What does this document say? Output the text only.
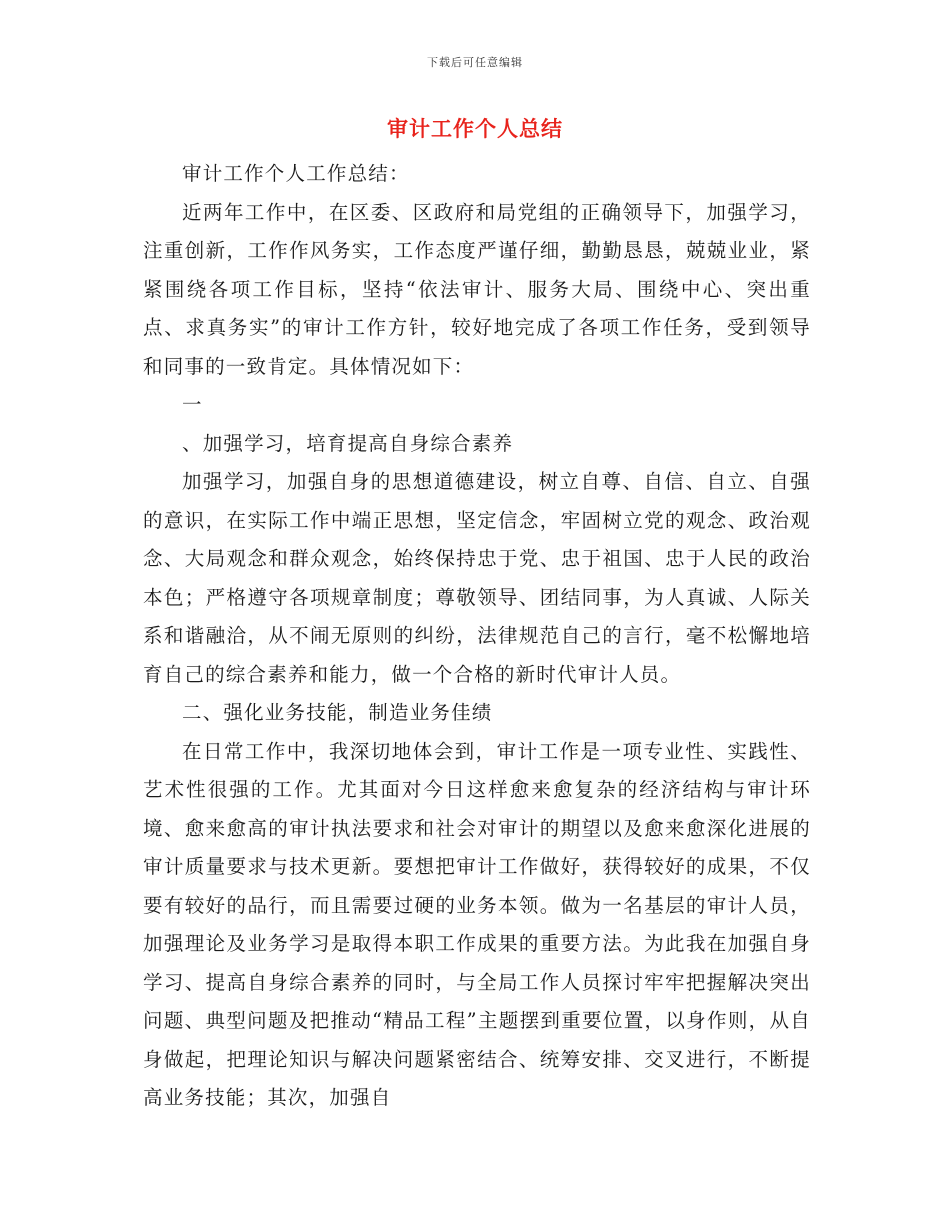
下载后可任意编辑
审计工作个人总结

审计工作个人工作总结：

近两年工作中，在区委、区政府和局党组的正确领导下，加强学习，注重创新，工作作风务实，工作态度严谨仔细，勤勤恳恳，兢兢业业，紧紧围绕各项工作目标，坚持“依法审计、服务大局、围绕中心、突出重点、求真务实”的审计工作方针，较好地完成了各项工作任务，受到领导和同事的一致肯定。具体情况如下：

一

、加强学习，培育提高自身综合素养

加强学习，加强自身的思想道德建设，树立自尊、自信、自立、自强的意识，在实际工作中端正思想，坚定信念，牢固树立党的观念、政治观念、大局观念和群众观念，始终保持忠于党、忠于祖国、忠于人民的政治本色；严格遵守各项规章制度；尊敬领导、团结同事，为人真诚、人际关系和谐融洽，从不闹无原则的纠纷，法律规范自己的言行，毫不松懈地培育自己的综合素养和能力，做一个合格的新时代审计人员。

二、强化业务技能，制造业务佳绩

在日常工作中，我深切地体会到，审计工作是一项专业性、实践性、艺术性很强的工作。尤其面对今日这样愈来愈复杂的经济结构与审计环境、愈来愈高的审计执法要求和社会对审计的期望以及愈来愈深化进展的审计质量要求与技术更新。要想把审计工作做好，获得较好的成果，不仅要有较好的品行，而且需要过硬的业务本领。做为一名基层的审计人员，加强理论及业务学习是取得本职工作成果的重要方法。为此我在加强自身学习、提高自身综合素养的同时，与全局工作人员探讨牢牢把握解决突出问题、典型问题及把推动“精品工程”主题摆到重要位置，以身作则，从自身做起，把理论知识与解决问题紧密结合、统筹安排、交叉进行，不断提高业务技能；其次，加强自
